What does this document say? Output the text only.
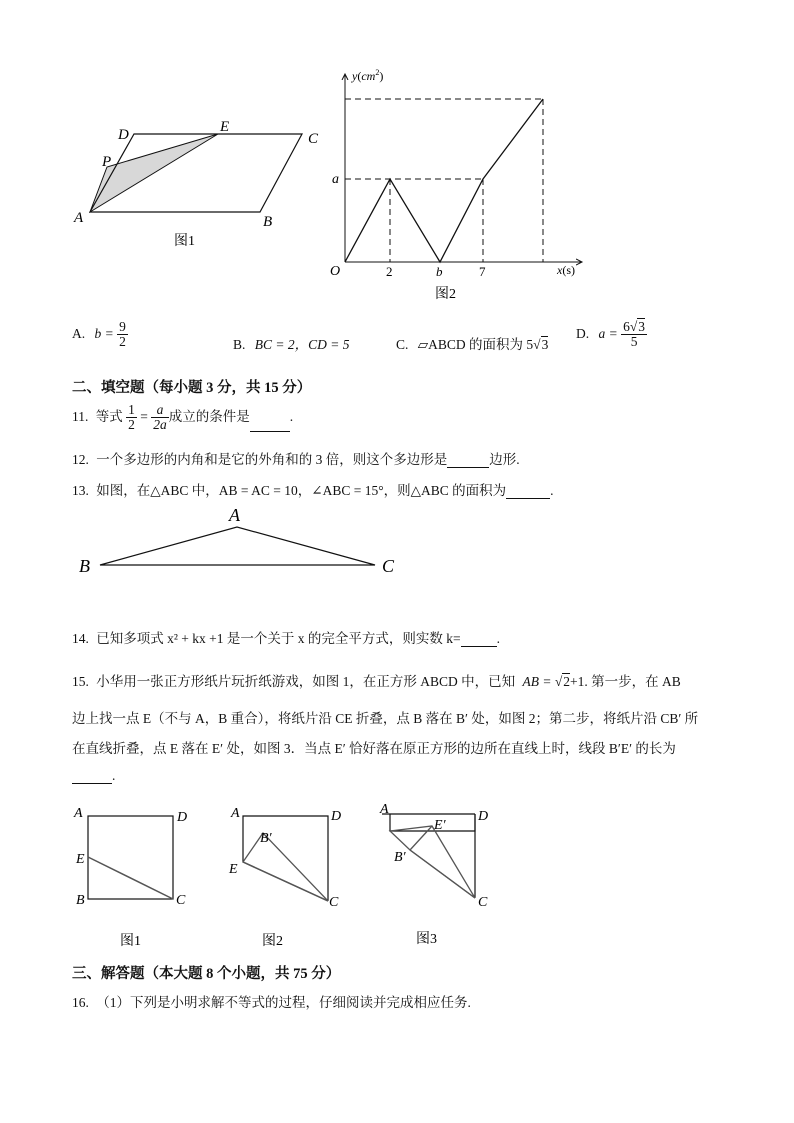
A	B
C
D	E
P
图1
$y(cm^2)$
x(s)
O
a
2	b	7
图2
A. $b = \frac{9}{2}$	B. BC = 2，CD = 5	C. ▱ABCD 的面积为 5√3
D. $a = \frac{6√3}{5}$
二、填空题（每小题 3 分，共 15 分）
11. 等式 $\frac{1}{2} = \frac{a}{2a}$ 成立的条件是	.
12. 一个多边形的内角和是它的外角和的 3 倍，则这个多边形是	边形.
13. 如图，在△ABC 中，AB = AC = 10，∠ABC = 15°，则△ABC 的面积为	.
A
B	C
14. 已知多项式 x² + kx +1 是一个关于 x 的完全平方式，则实数 k=	.
15. 小华用一张正方形纸片玩折纸游戏，如图 1，在正方形 ABCD 中，已知 AB = √2+1. 第一步，在 AB
边上找一点 E（不与 A，B 重合），将纸片沿 CE 折叠，点 B 落在 B′ 处，如图 2；第二步，将纸片沿 CB′ 所
在直线折叠，点 E 落在 E′ 处，如图 3．当点 E′ 恰好落在原正方形的边所在直线上时，线段 B′E′ 的长为
.
A	D
E
B	C
图1
A	D
B′
E
C
图2
A	D
E′
B′
C
图3
三、解答题（本大题 8 个小题，共 75 分）
16. （1）下列是小明求解不等式的过程，仔细阅读并完成相应任务.
